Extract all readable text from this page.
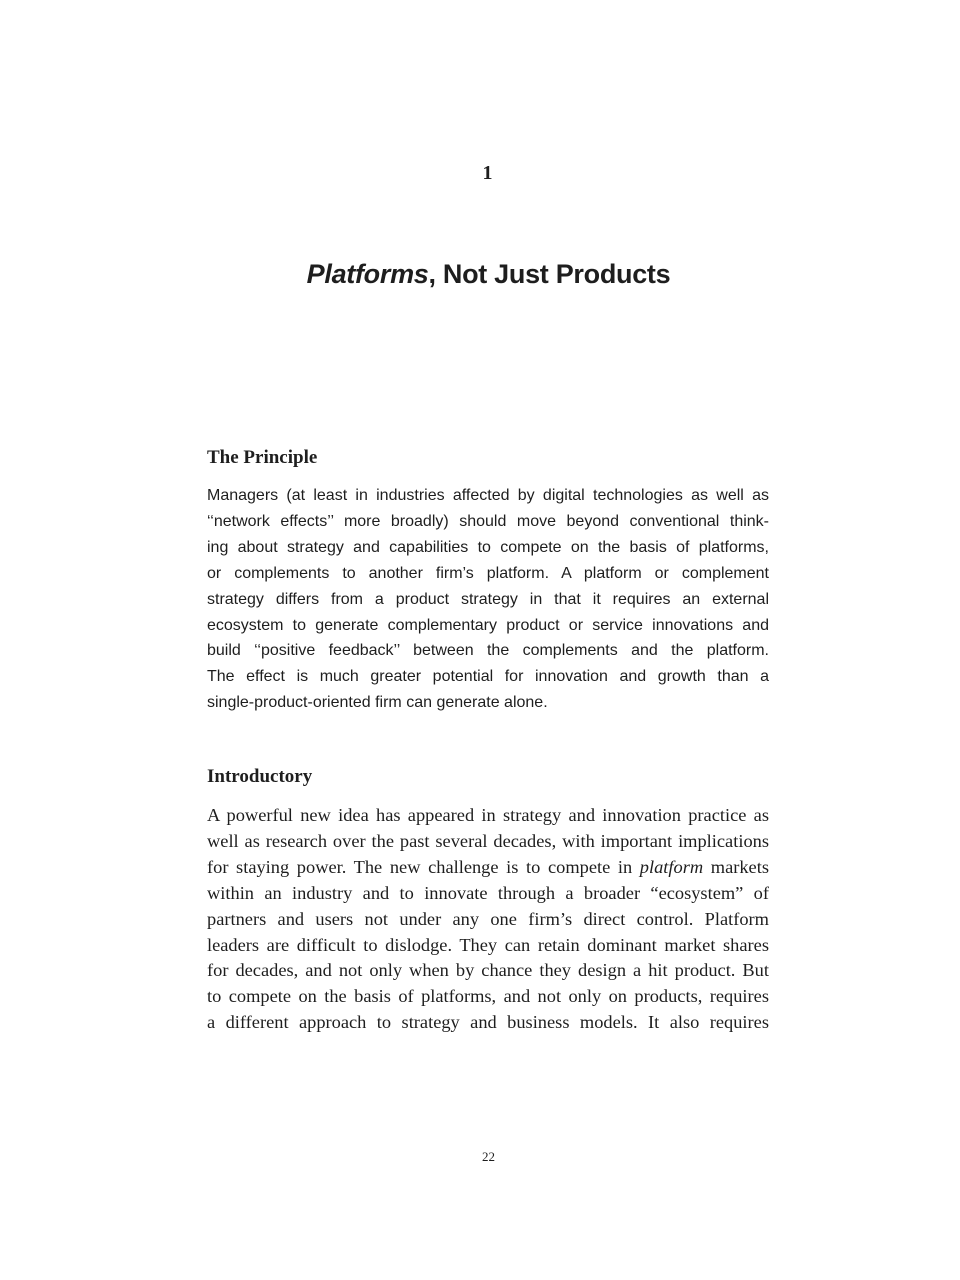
1
Platforms, Not Just Products
The Principle

Managers (at least in industries affected by digital technologies as well as
‘‘network effects’’ more broadly) should move beyond conventional think-
ing about strategy and capabilities to compete on the basis of platforms,
or complements to another firm’s platform. A platform or complement
strategy differs from a product strategy in that it requires an external
ecosystem to generate complementary product or service innovations and
build ‘‘positive feedback’’ between the complements and the platform.
The effect is much greater potential for innovation and growth than a
single-product-oriented firm can generate alone.

Introductory

A powerful new idea has appeared in strategy and innovation practice as
well as research over the past several decades, with important implications
for staying power. The new challenge is to compete in platform markets
within an industry and to innovate through a broader “ecosystem” of
partners and users not under any one firm’s direct control. Platform
leaders are difficult to dislodge. They can retain dominant market shares
for decades, and not only when by chance they design a hit product. But
to compete on the basis of platforms, and not only on products, requires
a different approach to strategy and business models. It also requires

22
